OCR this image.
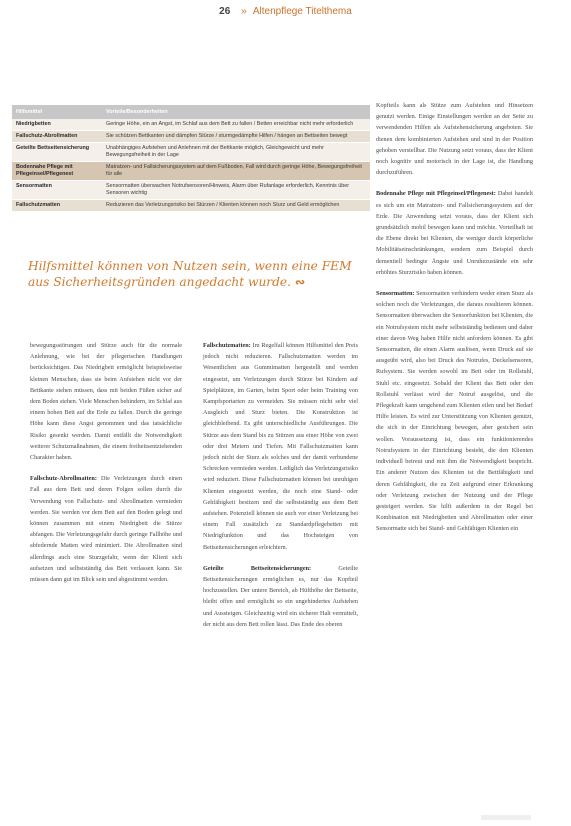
26 » Altenpflege Titelthema
Hilfsmittel	Vorteile/Besonderheiten
Niedrigbetten	Geringe Höhe, ein an Angst, im Schlaf aus dem Bett zu fallen / Betten erreichbar nicht mehr erforderlich
Fallschutz-Abrollmatten	Sie schützen Bettkanten und dämpfen Stürze / sturmgedämpfte Hilfen / hängen an Bettseiten bewegt
Geteilte Bettseitensicherung	Unabhängiges Aufstehen und Anlehnen mit der Bettkante möglich, Gleichgewicht und mehr Bewegungsfreiheit in der Lage
Bodennahe Pflege mit Pflegeinsel/Pflegenest	Matratzen- und Fallsicherungssystem auf dem Fußboden, Fall wird durch geringe Höhe, Bewegungsfreiheit für alle
Sensormatten	Sensormatten überwachen Notrufsensoren/Hinweis, Alarm über Rufanlage erforderlich, Kenntnis über Sensoren wichtig
Fallschutzmatten	Reduzieren das Verletzungsrisiko bei Stürzen / Klienten können noch Sturz und Geld ermöglichen
Hilfsmittel können von Nutzen sein, wenn eine FEM aus Sicherheitsgründen angedacht wurde. ∾

bewegungsstörungen und Stürze auch für die normale Anlehnung, wie bei der pflegerischen Handlungen berücksichtigen. Das Niedrigbett ermöglicht beispielsweise kleinen Menschen, dass sie beim Aufstehen nicht vor der Bettkante stehen müssen, dass mit beiden Füßen sicher auf dem Boden stehen. Viele Menschen behindern, im Schlaf aus einem hohen Bett auf die Erde zu fallen. Durch die geringe Höhe kann diese Angst genommen und das tatsächliche Risiko gesenkt werden. Damit entfällt die Notwendigkeit weiterer Schutzmaßnahmen, die einem freiheitsentziehenden Charakter haben.

Fallschutz-Abrollmatten: Die Verletzungen durch einen Fall aus dem Bett und deren Folgen sollen durch die Verwendung von Fallschutz- und Abrollmatten vermieden werden. Sie werden vor dem Bett auf den Boden gelegt und können zusammen mit einem Niedrigbett die Stürze abfangen. Die Verletzungsgefahr durch geringe Fallhöhe und abfedernde Matten wird minimiert. Die Abrollmatten sind allerdings auch eine Sturzgefahr, wenn der Klient sich aufsetzen und selbstständig das Bett verlassen kann. Sie müssen dann gut im Blick sein und abgestimmt werden.

Fallschutzmatten: Im Regelfall können Hilfsmittel den Preis jedoch nicht reduzieren. Fallschutzmatten werden im Wesentlichen aus Gummimatten hergestellt und werden eingesetzt, um Verletzungen durch Stürze bei Kindern auf Spielplätzen, im Garten, beim Sport oder beim Training von Kampfsportarten zu vermeiden. Sie müssen nicht sehr viel Ausgleich und Sturz bieten. Die Konstruktion ist gleichbleibend. Es gibt unterschiedliche Ausführungen. Die Stürze aus dem Stand bis zu Stürzen aus einer Höhe von zwei oder drei Metern und Tiefen. Mit Fallschutzmatten kann jedoch nicht der Sturz als solches und der damit verbundene Schrecken vermieden werden. Lediglich das Verletzungsrisiko wird reduziert. Diese Fallschutzmatten können bei unruhigen Klienten eingesetzt werden, die noch eine Stand- oder Gehfähigkeit besitzen und die selbstständig aus dem Bett aufstehen. Potenziell können sie auch vor einer Verletzung bei einem Fall zusätzlich zu Standardpflegebetten mit Niedrigfunktion und das Hochsteigen von Bettseitensicherungen erleichtern.

Geteilte Bettseitensicherungen: Geteilte Bettseitensicherungen ermöglichen es, nur das Kopfteil hochzustellen. Der untere Bereich, ab Hüfthöhe der Bettseite, bleibt offen und ermöglicht so ein ungehindertes Aufstehen und Aussteigen. Gleichzeitig wird ein sicherer Halt vermittelt, der nicht aus dem Bett rollen lässt. Das Ende des oberen

Kopfteils kann als Stütze zum Aufstehen und Hinsetzen genutzt werden. Einige Einstellungen werden an der Seite zu verwendenden Hilfen als Aufstehensicherung angeboten. Sie dienen dem kombinierten Aufstehen und sind in der Position gehoben verstellbar. Die Nutzung setzt voraus, dass der Klient noch kognitiv und motorisch in der Lage ist, die Handlung durchzuführen.

Bodennahe Pflege mit Pflegeinsel/Pflegenest: Dabei handelt es sich um ein Matratzen- und Fallsicherungssystem auf der Erde. Die Anwendung setzt voraus, dass der Klient sich grundsätzlich mobil bewegen kann und möchte. Vorteilhaft ist die Ebene direkt bei Klienten, die weniger durch körperliche Mobilitätseinschränkungen, sondern zum Beispiel durch dementiell bedingte Ängste und Unruhezustände ein sehr erhöhtes Sturzrisiko haben können.

Sensormatten: Sensormatten verhindern weder einen Sturz als solchen noch die Verletzungen, die daraus resultieren können. Sensormatten überwachen die Sensorfunktion bei Klienten, die ein Notrufsystem nicht mehr selbstständig bedienen und daher einer davon Weg haben Hilfe nicht anfordern können. Es gibt Sensormatten, die einen Alarm auslösen, wenn Druck auf sie ausgeübt wird, also bei Druck des Notrufes, Deckelsensoren, Rufsystem. Sie werden sowohl im Bett oder im Rollstuhl, Stuhl etc. eingesetzt. Sobald der Klient das Bett oder den Rollstuhl verlässt wird der Notruf ausgelöst, und die Pflegekraft kann umgehend zum Klienten eilen und bei Bedarf Hilfe leisten. Es wird zur Unterstützung von Klienten genutzt, die sich in der Einrichtung bewegen, aber gesichert sein wollen. Voraussetzung ist, dass ein funktionierendes Notrufsystem in der Einrichtung besteht, die den Klienten individuell betreut und mit ihm die Notwendigkeit bespricht. Ein anderer Nutzen des Klienten ist die Bettfähigkeit und deren Gehfähigkeit, die zu Zeit aufgrund einer Erkrankung oder Verletzung zwischen der Nutzung und der Pflege gesteigert werden. Sie hilft außerdem in der Regel bei Kombination mit Niedrigbetten und Abrollmatten oder einer Sensormatte sich bei Stand- und Gehfähigen Klienten ein
